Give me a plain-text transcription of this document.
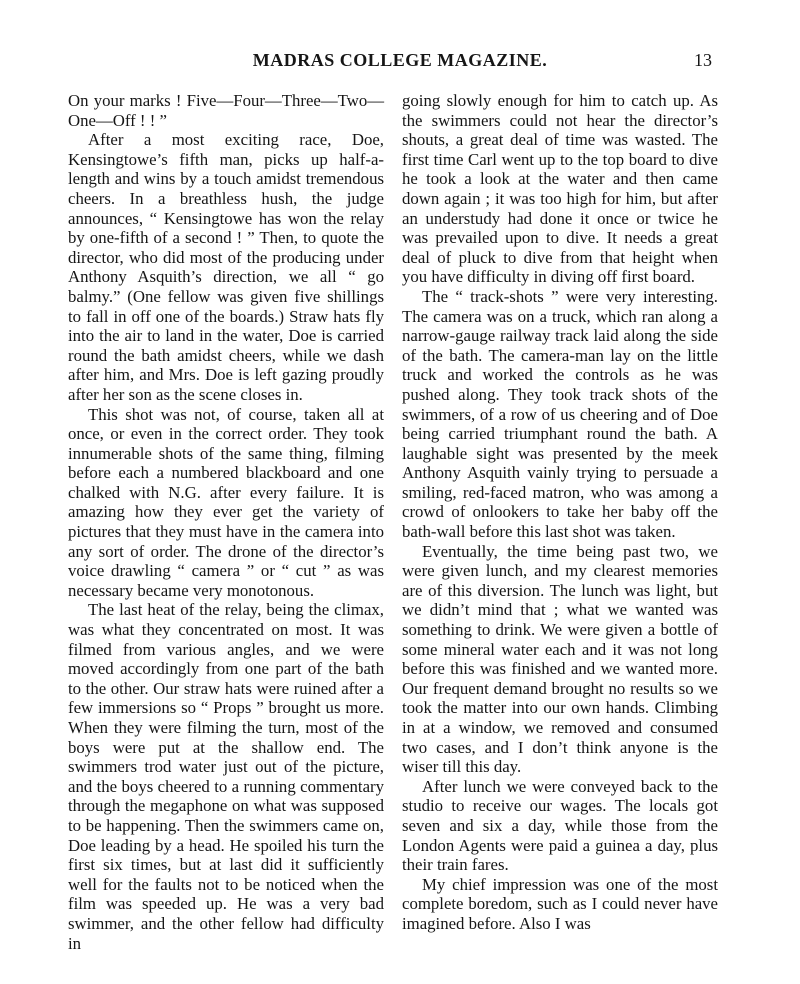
MADRAS COLLEGE MAGAZINE.	13

On your marks ! Five—Four—Three—Two—One—Off ! ! ”

After a most exciting race, Doe, Kensingtowe’s fifth man, picks up half-a-length and wins by a touch amidst tremendous cheers. In a breathless hush, the judge announces, “ Kensingtowe has won the relay by one-fifth of a second ! ” Then, to quote the director, who did most of the producing under Anthony Asquith’s direction, we all “ go balmy.” (One fellow was given five shillings to fall in off one of the boards.) Straw hats fly into the air to land in the water, Doe is carried round the bath amidst cheers, while we dash after him, and Mrs. Doe is left gazing proudly after her son as the scene closes in.

This shot was not, of course, taken all at once, or even in the correct order. They took innumerable shots of the same thing, filming before each a numbered blackboard and one chalked with N.G. after every failure. It is amazing how they ever get the variety of pictures that they must have in the camera into any sort of order. The drone of the director’s voice drawling “ camera ” or “ cut ” as was necessary became very monotonous.

The last heat of the relay, being the climax, was what they concentrated on most. It was filmed from various angles, and we were moved accordingly from one part of the bath to the other. Our straw hats were ruined after a few immersions so “ Props ” brought us more. When they were filming the turn, most of the boys were put at the shallow end. The swimmers trod water just out of the picture, and the boys cheered to a running commentary through the megaphone on what was supposed to be happening. Then the swimmers came on, Doe leading by a head. He spoiled his turn the first six times, but at last did it sufficiently well for the faults not to be noticed when the film was speeded up. He was a very bad swimmer, and the other fellow had difficulty in

going slowly enough for him to catch up. As the swimmers could not hear the director’s shouts, a great deal of time was wasted. The first time Carl went up to the top board to dive he took a look at the water and then came down again ; it was too high for him, but after an understudy had done it once or twice he was prevailed upon to dive. It needs a great deal of pluck to dive from that height when you have difficulty in diving off first board.

The “ track-shots ” were very interesting. The camera was on a truck, which ran along a narrow-gauge railway track laid along the side of the bath. The camera-man lay on the little truck and worked the controls as he was pushed along. They took track shots of the swimmers, of a row of us cheering and of Doe being carried triumphant round the bath. A laughable sight was presented by the meek Anthony Asquith vainly trying to persuade a smiling, red-faced matron, who was among a crowd of onlookers to take her baby off the bath-wall before this last shot was taken.

Eventually, the time being past two, we were given lunch, and my clearest memories are of this diversion. The lunch was light, but we didn’t mind that ; what we wanted was something to drink. We were given a bottle of some mineral water each and it was not long before this was finished and we wanted more. Our frequent demand brought no results so we took the matter into our own hands. Climbing in at a window, we removed and consumed two cases, and I don’t think anyone is the wiser till this day.

After lunch we were conveyed back to the studio to receive our wages. The locals got seven and six a day, while those from the London Agents were paid a guinea a day, plus their train fares.

My chief impression was one of the most complete boredom, such as I could never have imagined before. Also I was
